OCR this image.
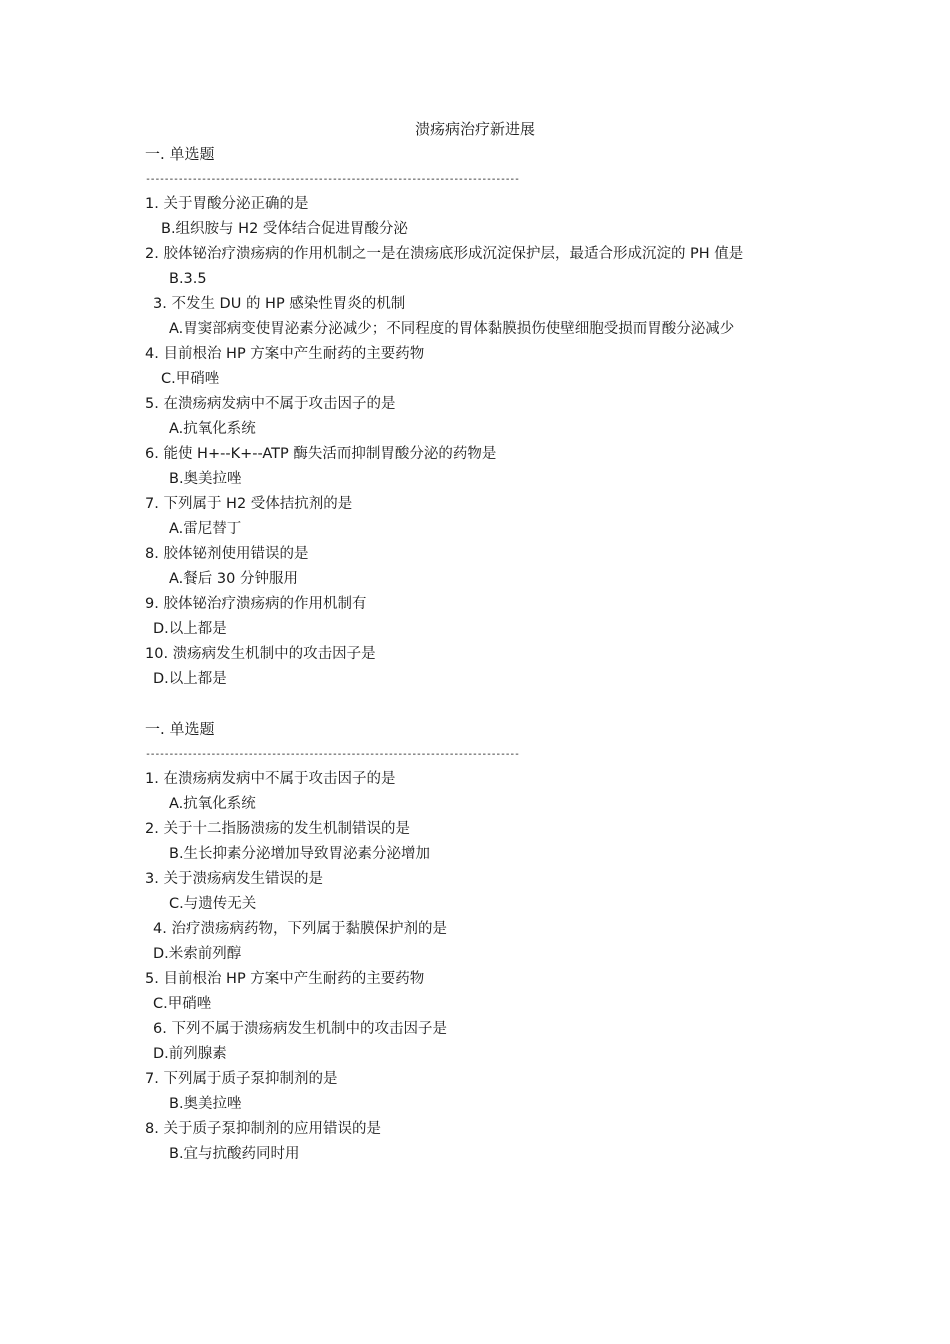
溃疡病治疗新进展
一. 单选题
--------------------------------------------------------------------------------
1. 关于胃酸分泌正确的是
B.组织胺与 H2 受体结合促进胃酸分泌
2. 胶体铋治疗溃疡病的作用机制之一是在溃疡底形成沉淀保护层，最适合形成沉淀的 PH 值是
B.3.5
3. 不发生 DU 的 HP 感染性胃炎的机制
A.胃窦部病变使胃泌素分泌减少；不同程度的胃体黏膜损伤使壁细胞受损而胃酸分泌减少
4. 目前根治 HP 方案中产生耐药的主要药物
C.甲硝唑
5. 在溃疡病发病中不属于攻击因子的是
A.抗氧化系统
6. 能使 H+--K+--ATP 酶失活而抑制胃酸分泌的药物是
B.奥美拉唑
7. 下列属于 H2 受体拮抗剂的是
A.雷尼替丁
8. 胶体铋剂使用错误的是
A.餐后 30 分钟服用
9. 胶体铋治疗溃疡病的作用机制有
D.以上都是
10. 溃疡病发生机制中的攻击因子是
D.以上都是
一. 单选题
--------------------------------------------------------------------------------
1. 在溃疡病发病中不属于攻击因子的是
A.抗氧化系统
2. 关于十二指肠溃疡的发生机制错误的是
B.生长抑素分泌增加导致胃泌素分泌增加
3. 关于溃疡病发生错误的是
C.与遗传无关
4. 治疗溃疡病药物，下列属于黏膜保护剂的是
D.米索前列醇
5. 目前根治 HP 方案中产生耐药的主要药物
C.甲硝唑
6. 下列不属于溃疡病发生机制中的攻击因子是
D.前列腺素
7. 下列属于质子泵抑制剂的是
B.奥美拉唑
8. 关于质子泵抑制剂的应用错误的是
B.宜与抗酸药同时用
